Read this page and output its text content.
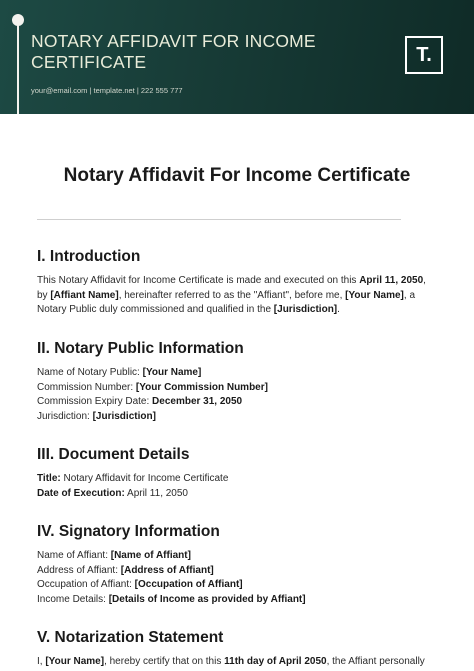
NOTARY AFFIDAVIT FOR INCOME CERTIFICATE
your@email.com | template.net | 222 555 777
T.
Notary Affidavit For Income Certificate
I. Introduction

This Notary Affidavit for Income Certificate is made and executed on this April 11, 2050,
by [Affiant Name], hereinafter referred to as the "Affiant", before me, [Your Name], a
Notary Public duly commissioned and qualified in the [Jurisdiction].

II. Notary Public Information

Name of Notary Public: [Your Name]
Commission Number: [Your Commission Number]
Commission Expiry Date: December 31, 2050
Jurisdiction: [Jurisdiction]

III. Document Details

Title: Notary Affidavit for Income Certificate
Date of Execution: April 11, 2050

IV. Signatory Information

Name of Affiant: [Name of Affiant]
Address of Affiant: [Address of Affiant]
Occupation of Affiant: [Occupation of Affiant]
Income Details: [Details of Income as provided by Affiant]

V. Notarization Statement

I, [Your Name], hereby certify that on this 11th day of April 2050, the Affiant personally
